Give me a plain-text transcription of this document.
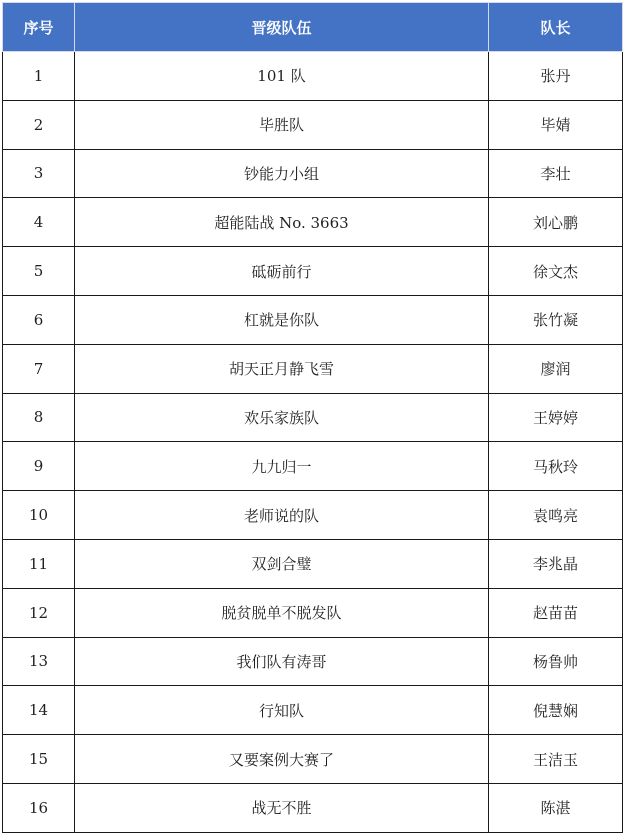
序号	晋级队伍	队长
1	101 队	张丹
2	毕胜队	毕婧
3	钞能力小组	李壮
4	超能陆战 No. 3663	刘心鹏
5	砥砺前行	徐文杰
6	杠就是你队	张竹凝
7	胡天正月静飞雪	廖润
8	欢乐家族队	王婷婷
9	九九归一	马秋玲
10	老师说的队	袁鸣亮
11	双剑合璧	李兆晶
12	脱贫脱单不脱发队	赵苗苗
13	我们队有涛哥	杨鲁帅
14	行知队	倪慧娴
15	又要案例大赛了	王洁玉
16	战无不胜	陈湛
